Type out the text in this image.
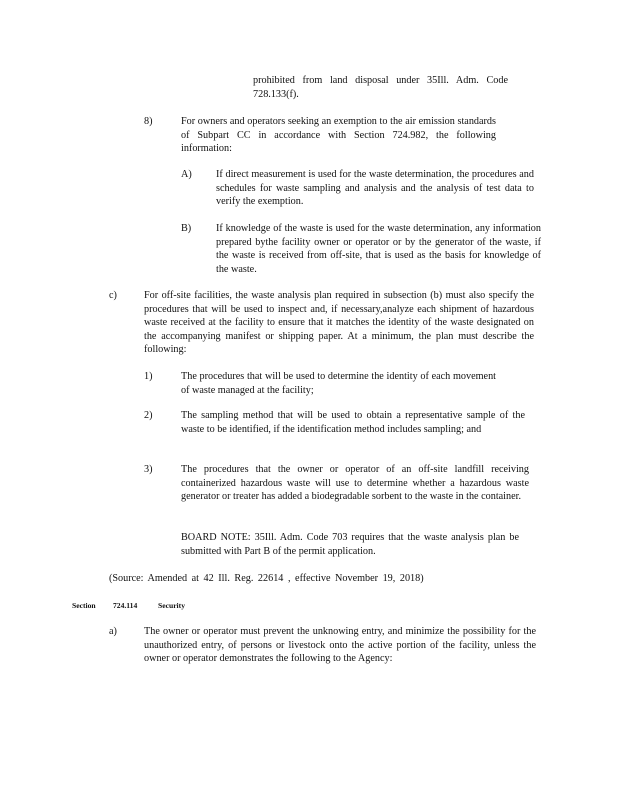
prohibited from land disposal under 35Ill. Adm. Code 728.133(f).
8)	For owners and operators seeking an exemption to the air emission standards of Subpart CC in accordance with Section 724.982, the following information:
A) If direct measurement is used for the waste determination, the procedures and schedules for waste sampling and analysis and the analysis of test data to verify the exemption.
B) If knowledge of the waste is used for the waste determination, any information prepared bythe facility owner or operator or by the generator of the waste, if the waste is received from off-site, that is used as the basis for knowledge of the waste.
c)	For off-site facilities, the waste analysis plan required in subsection (b) must also specify the procedures that will be used to inspect and, if necessary,analyze each shipment of hazardous waste received at the facility to ensure that it matches the identity of the waste designated on the accompanying manifest or shipping paper. At a minimum, the plan must describe the following:
1)	The procedures that will be used to determine the identity of each movement of waste managed at the facility;
2)	The sampling method that will be used to obtain a representative sample of the waste to be identified, if the identification method includes sampling; and
3)	The procedures that the owner or operator of an off-site landfill receiving containerized hazardous waste will use to determine whether a hazardous waste generator or treater has added a biodegradable sorbent to the waste in the container.
BOARD NOTE: 35Ill. Adm. Code 703 requires that the waste analysis plan be submitted with Part B of the permit application.
(Source: Amended at 42 Ill. Reg. 22614 , effective November 19, 2018)
Section 724.114	Security
a)	The owner or operator must prevent the unknowing entry, and minimize the possibility for the unauthorized entry, of persons or livestock onto the active portion of the facility, unless the owner or operator demonstrates the following to the Agency:
